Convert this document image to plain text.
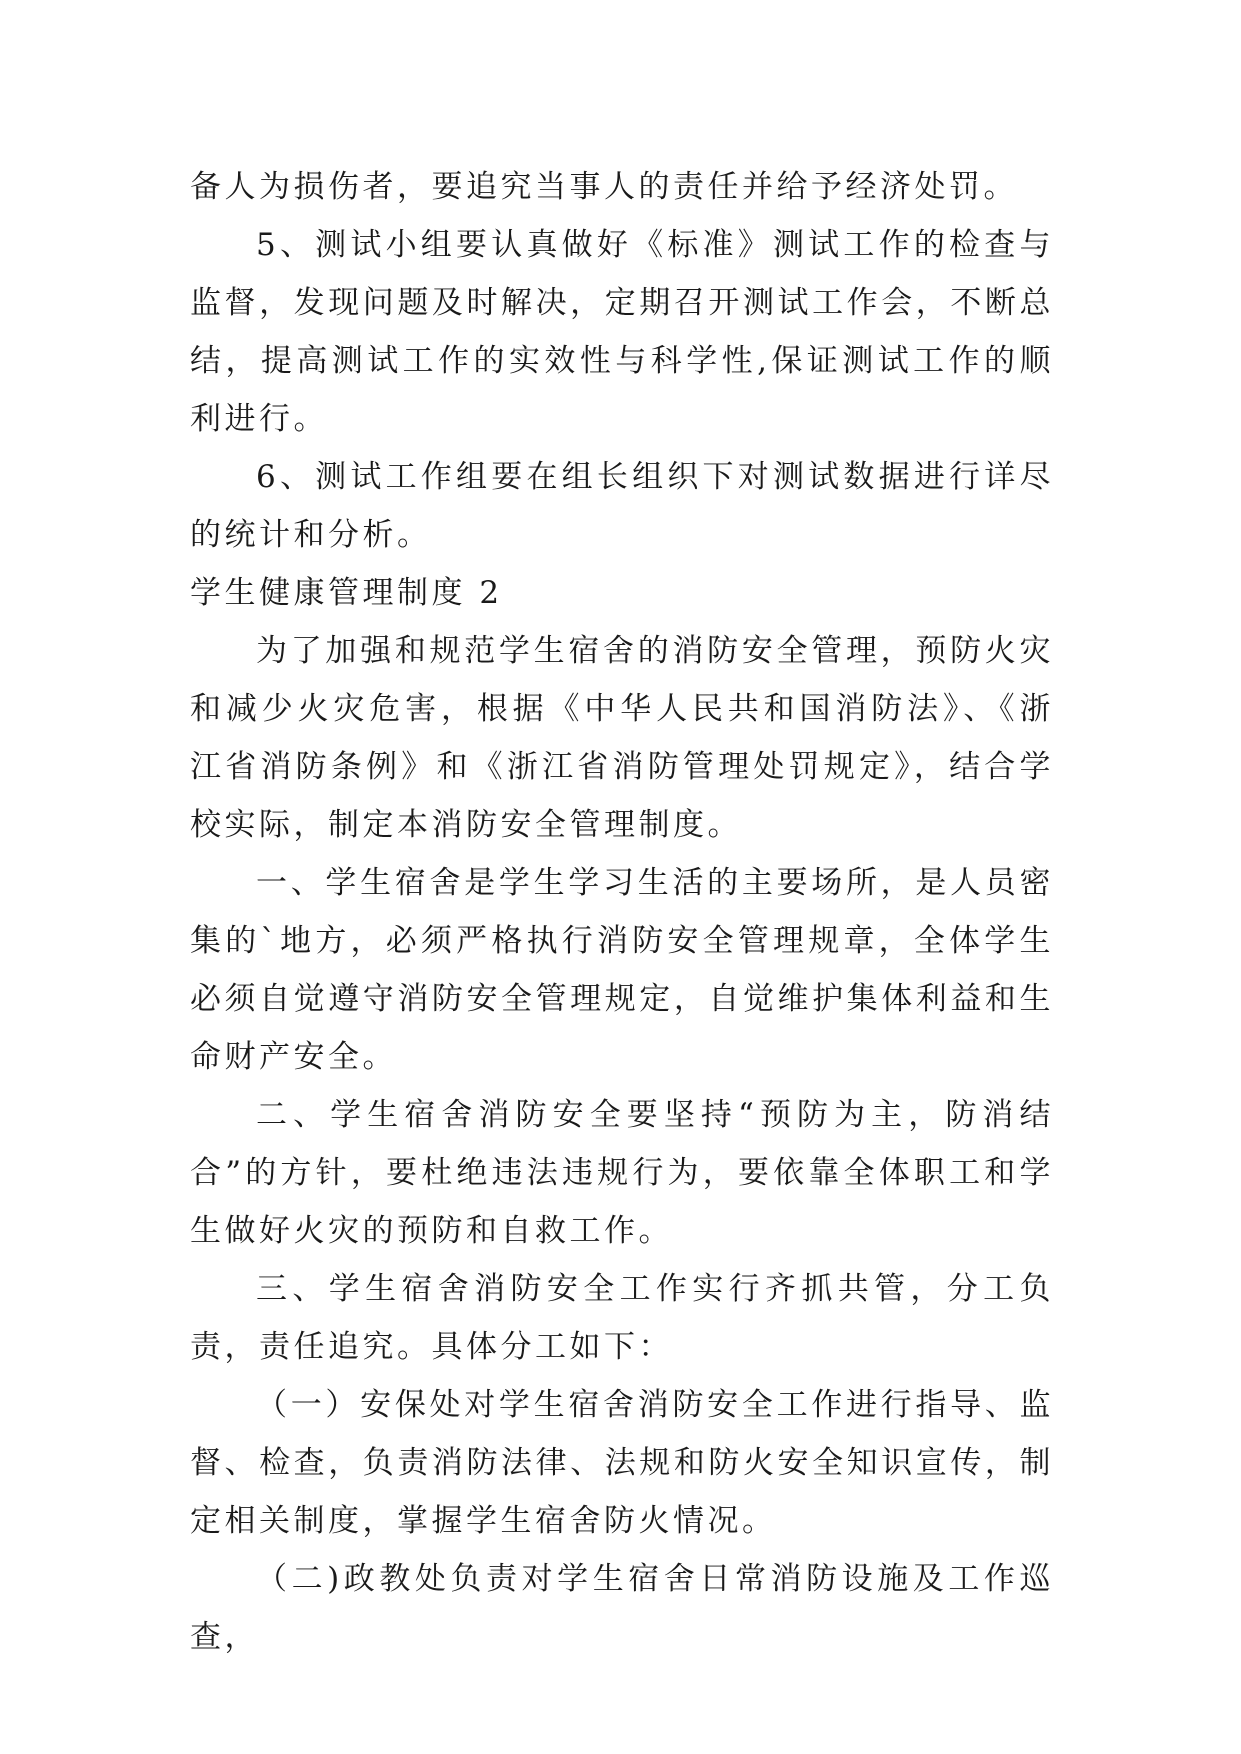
备人为损伤者，要追究当事人的责任并给予经济处罚。

5、测试小组要认真做好《标准》测试工作的检查与监督，发现问题及时解决，定期召开测试工作会，不断总结，提高测试工作的实效性与科学性,保证测试工作的顺利进行。

6、测试工作组要在组长组织下对测试数据进行详尽的统计和分析。

学生健康管理制度 2

为了加强和规范学生宿舍的消防安全管理，预防火灾和减少火灾危害，根据《中华人民共和国消防法》、《浙江省消防条例》和《浙江省消防管理处罚规定》，结合学校实际，制定本消防安全管理制度。

一、学生宿舍是学生学习生活的主要场所，是人员密集的`地方，必须严格执行消防安全管理规章，全体学生必须自觉遵守消防安全管理规定，自觉维护集体利益和生命财产安全。

二、学生宿舍消防安全要坚持“预防为主，防消结合”的方针，要杜绝违法违规行为，要依靠全体职工和学生做好火灾的预防和自救工作。

三、学生宿舍消防安全工作实行齐抓共管，分工负责，责任追究。具体分工如下：

（一）安保处对学生宿舍消防安全工作进行指导、监督、检查，负责消防法律、法规和防火安全知识宣传，制定相关制度，掌握学生宿舍防火情况。

（二)政教处负责对学生宿舍日常消防设施及工作巡查，
